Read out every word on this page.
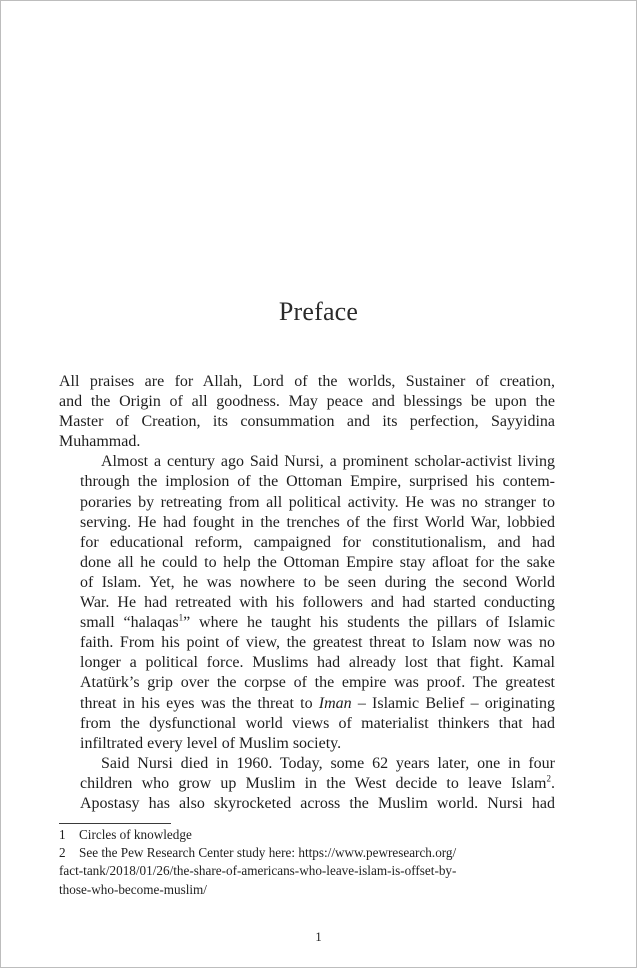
Preface

All praises are for Allah, Lord of the worlds, Sustainer of creation,
and the Origin of all goodness. May peace and blessings be upon the
Master of Creation, its consummation and its perfection, Sayyidina
Muhammad.

Almost a century ago Said Nursi, a prominent scholar-activist living
through the implosion of the Ottoman Empire, surprised his contem-
poraries by retreating from all political activity. He was no stranger to
serving. He had fought in the trenches of the first World War, lobbied
for educational reform, campaigned for constitutionalism, and had
done all he could to help the Ottoman Empire stay afloat for the sake
of Islam. Yet, he was nowhere to be seen during the second World
War. He had retreated with his followers and had started conducting
small “halaqas$^1$” where he taught his students the pillars of Islamic
faith. From his point of view, the greatest threat to Islam now was no
longer a political force. Muslims had already lost that fight. Kamal
Atatürk’s grip over the corpse of the empire was proof. The greatest
threat in his eyes was the threat to Iman – Islamic Belief – originating
from the dysfunctional world views of materialist thinkers that had
infiltrated every level of Muslim society.

Said Nursi died in 1960. Today, some 62 years later, one in four
children who grow up Muslim in the West decide to leave Islam$^2$.
Apostasy has also skyrocketed across the Muslim world. Nursi had

1 Circles of knowledge
2 See the Pew Research Center study here: https://www.pewresearch.org/
fact-tank/2018/01/26/the-share-of-americans-who-leave-islam-is-offset-by-
those-who-become-muslim/
1
